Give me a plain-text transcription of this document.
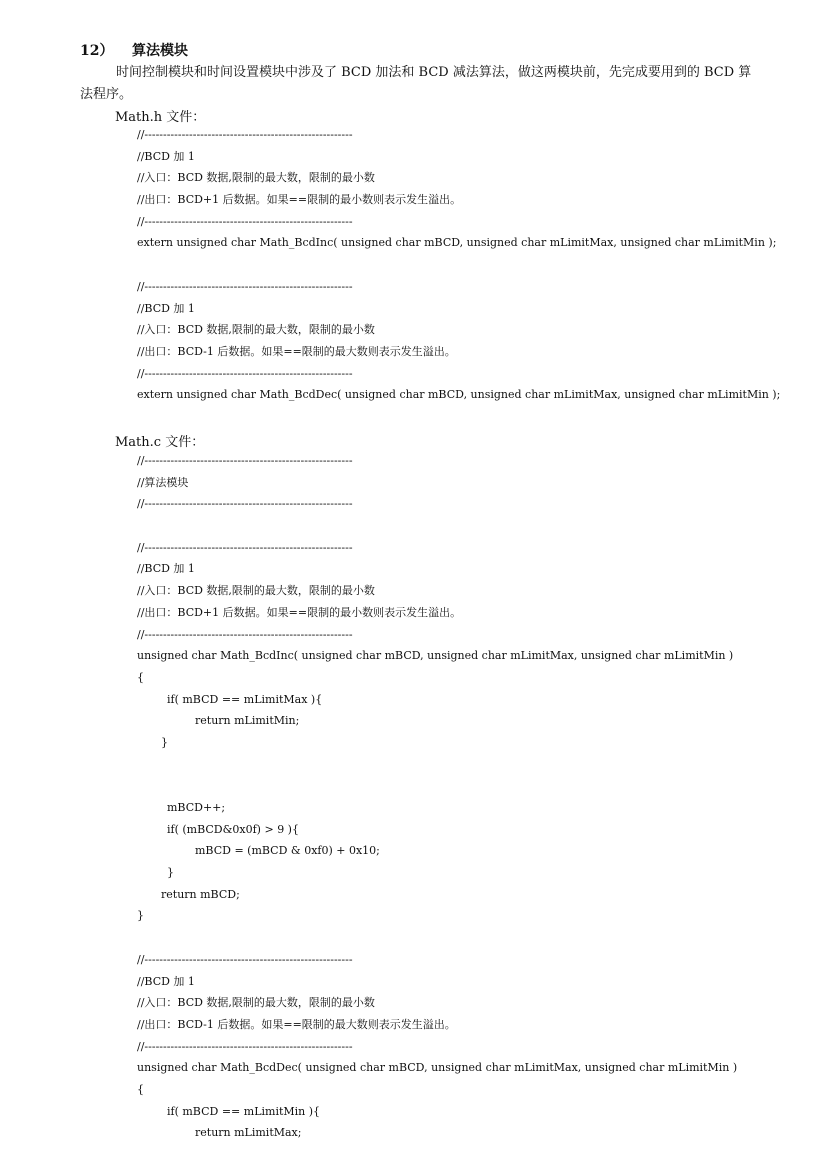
12） 算法模块
时间控制模块和时间设置模块中涉及了 BCD 加法和 BCD 减法算法，做这两模块前，先完成要用到的 BCD 算
法程序。
Math.h 文件：
//--------------------------------------------------------
//BCD 加 1
//入口：BCD 数据,限制的最大数，限制的最小数
//出口：BCD+1 后数据。如果==限制的最小数则表示发生溢出。
//--------------------------------------------------------
extern unsigned char Math_BcdInc( unsigned char mBCD, unsigned char mLimitMax, unsigned char mLimitMin );
//--------------------------------------------------------
//BCD 加 1
//入口：BCD 数据,限制的最大数，限制的最小数
//出口：BCD-1 后数据。如果==限制的最大数则表示发生溢出。
//--------------------------------------------------------
extern unsigned char Math_BcdDec( unsigned char mBCD, unsigned char mLimitMax, unsigned char mLimitMin );
Math.c 文件：
//--------------------------------------------------------
//算法模块
//--------------------------------------------------------
//--------------------------------------------------------
//BCD 加 1
//入口：BCD 数据,限制的最大数，限制的最小数
//出口：BCD+1 后数据。如果==限制的最小数则表示发生溢出。
//--------------------------------------------------------
unsigned char Math_BcdInc( unsigned char mBCD, unsigned char mLimitMax, unsigned char mLimitMin )
{
if( mBCD == mLimitMax ){
return mLimitMin;
}
mBCD++;
if( (mBCD&0x0f) > 9 ){
mBCD = (mBCD & 0xf0) + 0x10;
}
return mBCD;
}
//--------------------------------------------------------
//BCD 加 1
//入口：BCD 数据,限制的最大数，限制的最小数
//出口：BCD-1 后数据。如果==限制的最大数则表示发生溢出。
//--------------------------------------------------------
unsigned char Math_BcdDec( unsigned char mBCD, unsigned char mLimitMax, unsigned char mLimitMin )
{
if( mBCD == mLimitMin ){
return mLimitMax;
